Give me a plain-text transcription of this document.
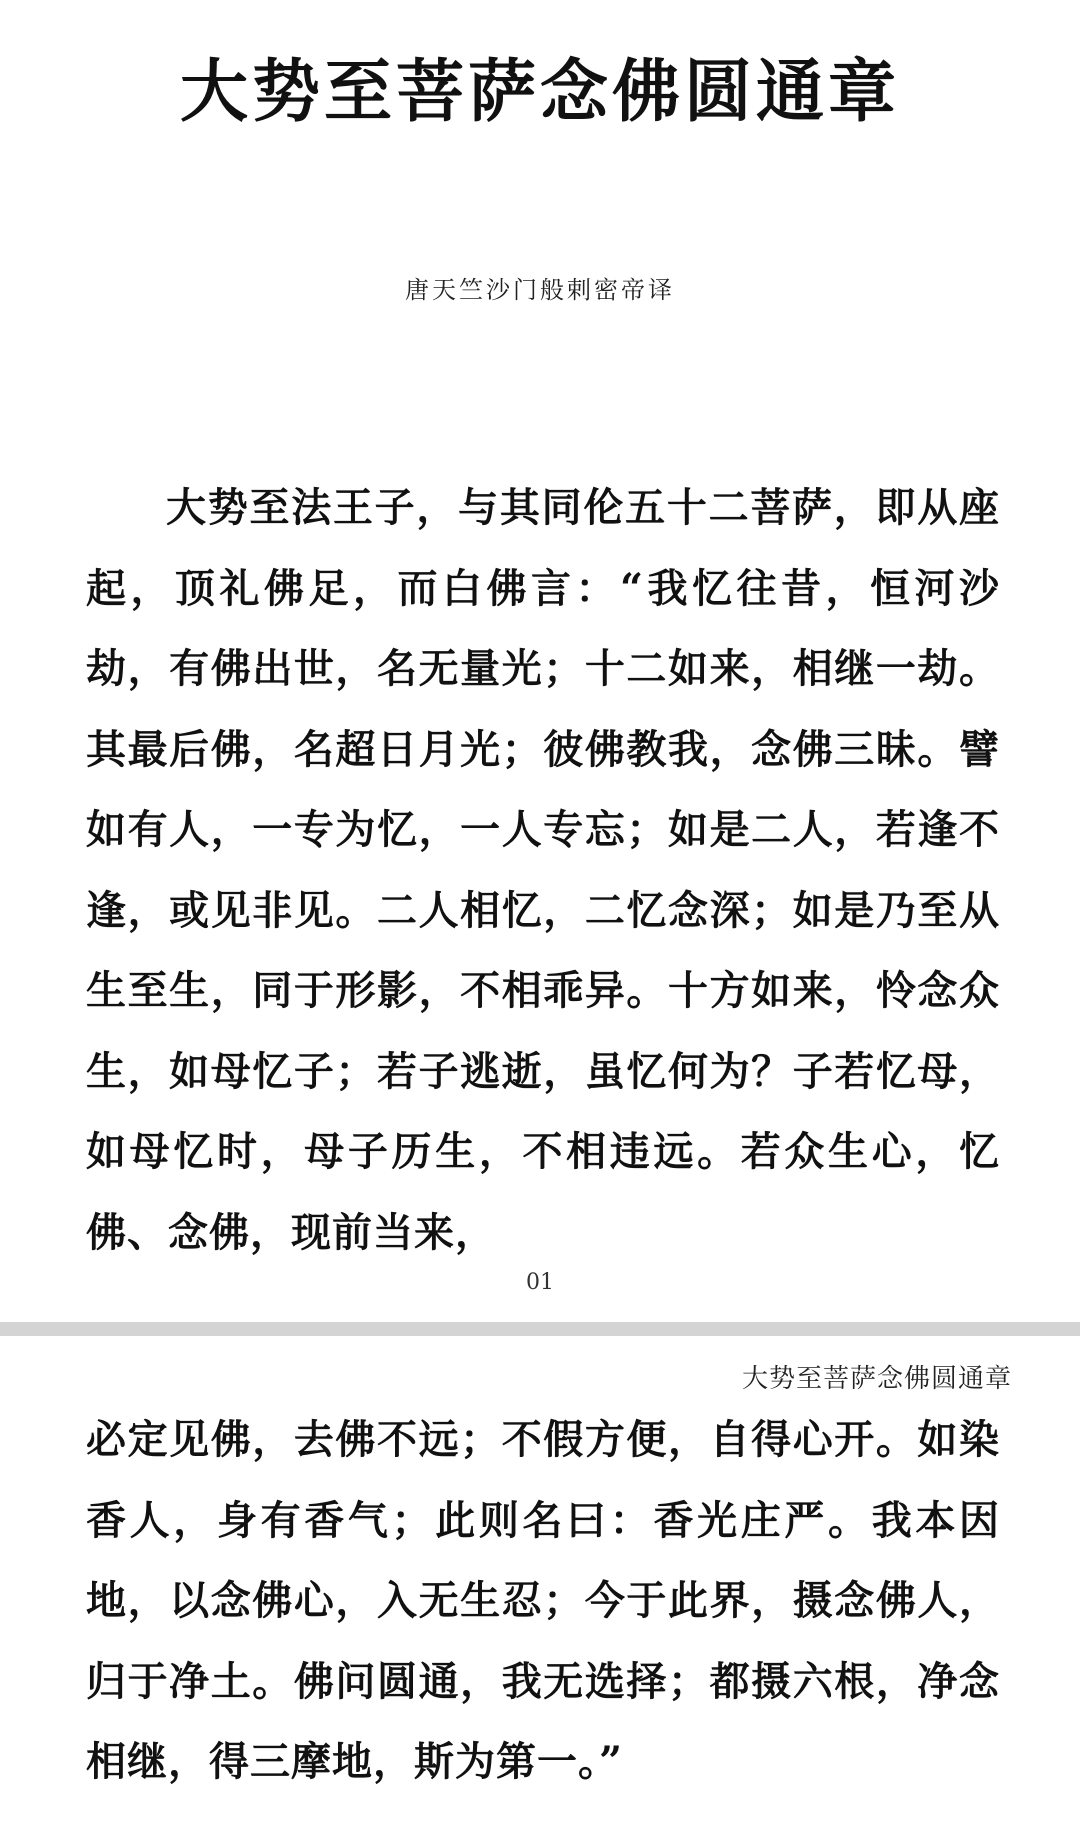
大势至菩萨念佛圆通章
唐天竺沙门般剌密帝译

大势至法王子，与其同伦五十二菩萨，即从座起，顶礼佛足，而白佛言：“我忆往昔，恒河沙劫，有佛出世，名无量光；十二如来，相继一劫。其最后佛，名超日月光；彼佛教我，念佛三昧。譬如有人，一专为忆，一人专忘；如是二人，若逢不逢，或见非见。二人相忆，二忆念深；如是乃至从生至生，同于形影，不相乖异。十方如来，怜念众生，如母忆子；若子逃逝，虽忆何为？子若忆母，如母忆时，母子历生，不相违远。若众生心，忆佛、念佛，现前当来，

01
大势至菩萨念佛圆通章

必定见佛，去佛不远；不假方便，自得心开。如染香人，身有香气；此则名曰：香光庄严。我本因地，以念佛心，入无生忍；今于此界，摄念佛人，归于净土。佛问圆通，我无选择；都摄六根，净念相继，得三摩地，斯为第一。”
